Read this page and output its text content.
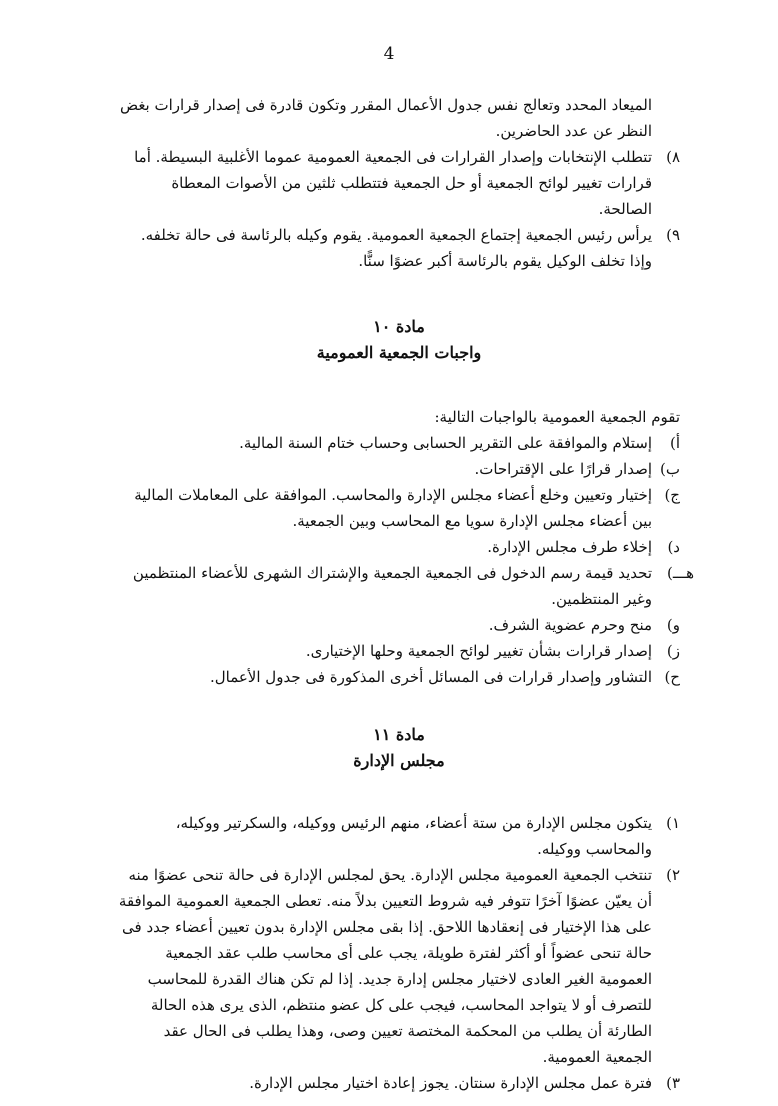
4
الميعاد المحدد وتعالج نفس جدول الأعمال المقرر وتكون قادرة فى إصدار قرارات بغض النظر عن عدد الحاضرين.
٨)
تتطلب الإنتخابات وإصدار القرارات فى الجمعية العمومية عموما الأغلبية البسيطة. أما قرارات تغيير لوائح الجمعية أو حل الجمعية فتتطلب ثلثين من الأصوات المعطاة الصالحة.
٩)
يرأس رئيس الجمعية إجتماع الجمعية العمومية. يقوم وكيله بالرئاسة فى حالة تخلفه. وإذا تخلف الوكيل يقوم بالرئاسة أكبر عضوًا سنًّا.
مادة ١٠
واجبات الجمعية العمومية
تقوم الجمعية العمومية بالواجبات التالية:
أ)
إستلام والموافقة على التقرير الحسابى وحساب ختام السنة المالية.
ب)
إصدار قرارًا على الإقتراحات.
ج)
إختيار وتعيين وخلع أعضاء مجلس الإدارة والمحاسب. الموافقة على المعاملات المالية بين أعضاء مجلس الإدارة سويا مع المحاسب وبين الجمعية.
د)
إخلاء طرف مجلس الإدارة.
هـــ)
تحديد قيمة رسم الدخول فى الجمعية الجمعية والإشتراك الشهرى للأعضاء المنتظمين وغير المنتظمين.
و)
منح وحرم عضوية الشرف.
ز)
إصدار قرارات بشأن تغيير لوائح الجمعية وحلها الإختيارى.
ح)
التشاور وإصدار قرارات فى المسائل أخرى المذكورة فى جدول الأعمال.
مادة ١١
مجلس الإدارة
١)
يتكون مجلس الإدارة من ستة أعضاء، منهم الرئيس ووكيله، والسكرتير ووكيله، والمحاسب ووكيله.
٢)
تنتخب الجمعية العمومية مجلس الإدارة. يحق لمجلس الإدارة فى حالة تنحى عضوًا منه أن يعيّن عضوًا آخرًا تتوفر فيه شروط التعيين بدلاً منه. تعطى الجمعية العمومية الموافقة على هذا الإختيار فى إنعقادها اللاحق. إذا بقى مجلس الإدارة بدون تعيين أعضاء جدد فى حالة تنحى عضواً أو أكثر لفترة طويلة، يجب على أى محاسب طلب عقد الجمعية العمومية الغير العادى لاختيار مجلس إدارة جديد. إذا لم تكن هناك القدرة للمحاسب للتصرف أو لا يتواجد المحاسب، فيجب على كل عضو منتظم، الذى يرى هذه الحالة الطارئة أن يطلب من المحكمة المختصة تعيين وصى، وهذا يطلب فى الحال عقد الجمعية العمومية.
٣)
فترة عمل مجلس الإدارة سنتان. يجوز إعادة اختيار مجلس الإدارة.
